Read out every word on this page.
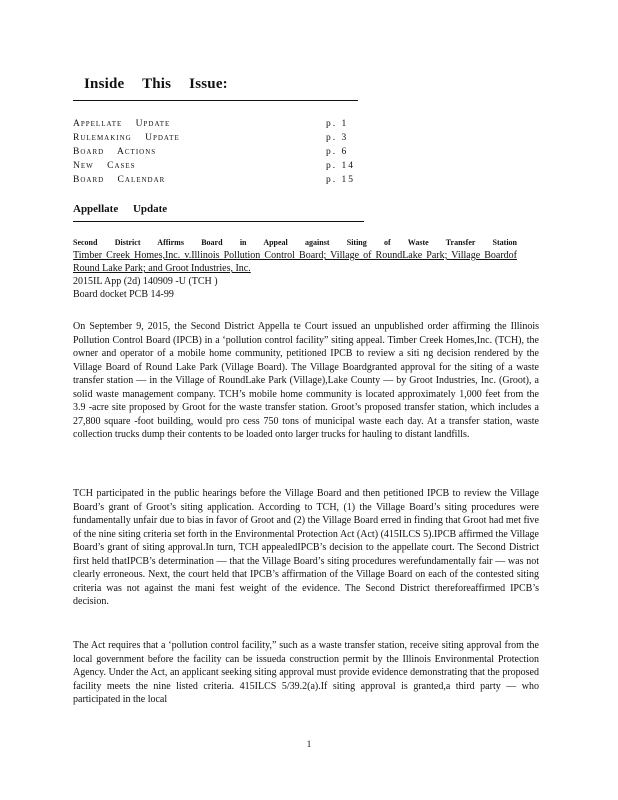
Inside This Issue:
Appellate Update	p. 1
Rulemaking Update	p. 3
Board Actions	p. 6
New Cases	p. 14
Board Calendar	p. 15
Appellate Update
Second District Affirms Board in Appeal against Siting of Waste Transfer Station
Timber Creek Homes,Inc. v.Illinois Pollution Control Board; Village of RoundLake Park; Village Boardof Round Lake Park; and Groot Industries, Inc.
2015IL App (2d) 140909 -U (TCH )
Board docket PCB 14-99
On September 9, 2015, the Second District Appella te Court issued an unpublished order affirming the Illinois Pollution Control Board (IPCB) in a ‘pollution control facility” siting appeal. Timber Creek Homes,Inc. (TCH), the owner and operator of a mobile home community, petitioned IPCB to review a siti ng decision rendered by the Village Board of Round Lake Park (Village Board). The Village Boardgranted approval for the siting of a waste transfer station — in the Village of RoundLake Park (Village),Lake County — by Groot Industries, Inc. (Groot), a solid waste management company. TCH’s mobile home community is located approximately 1,000 feet from the 3.9 -acre site proposed by Groot for the waste transfer station. Groot’s proposed transfer station, which includes a 27,800 square -foot building, would pro cess 750 tons of municipal waste each day. At a transfer station, waste collection trucks dump their contents to be loaded onto larger trucks for hauling to distant landfills.
TCH participated in the public hearings before the Village Board and then petitioned IPCB to review the Village Board’s grant of Groot’s siting application. According to TCH, (1) the Village Board’s siting procedures were fundamentally unfair due to bias in favor of Groot and (2) the Village Board erred in finding that Groot had met five of the nine siting criteria set forth in the Environmental Protection Act (Act) (415ILCS 5).IPCB affirmed the Village Board’s grant of siting approval.In turn, TCH appealedIPCB’s decision to the appellate court. The Second District first held thatIPCB’s determination — that the Village Board’s siting procedures werefundamentally fair — was not clearly erroneous. Next, the court held that IPCB’s affirmation of the Village Board on each of the contested siting criteria was not against the mani fest weight of the evidence. The Second District thereforeaffirmed IPCB’s decision.
The Act requires that a ‘pollution control facility,” such as a waste transfer station, receive siting approval from the local government before the facility can be issueda construction permit by the Illinois Environmental Protection Agency. Under the Act, an applicant seeking siting approval must provide evidence demonstrating that the proposed facility meets the nine listed criteria. 415ILCS 5/39.2(a).If siting approval is granted,a third party — who participated in the local
1
